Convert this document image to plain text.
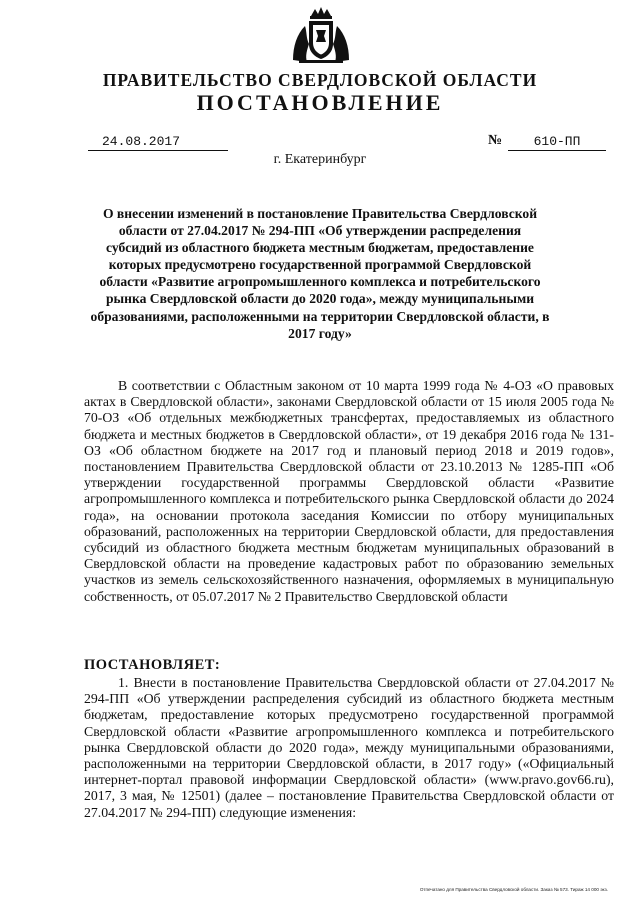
ПРАВИТЕЛЬСТВО СВЕРДЛОВСКОЙ ОБЛАСТИ
ПОСТАНОВЛЕНИЕ
24.08.2017	№	610-ПП
г. Екатеринбург
О внесении изменений в постановление Правительства Свердловской области от 27.04.2017 № 294-ПП «Об утверждении распределения субсидий из областного бюджета местным бюджетам, предоставление которых предусмотрено государственной программой Свердловской области «Развитие агропромышленного комплекса и потребительского рынка Свердловской области до 2020 года», между муниципальными образованиями, расположенными на территории Свердловской области, в 2017 году»
В соответствии с Областным законом от 10 марта 1999 года № 4-ОЗ «О правовых актах в Свердловской области», законами Свердловской области от 15 июля 2005 года № 70-ОЗ «Об отдельных межбюджетных трансфертах, предоставляемых из областного бюджета и местных бюджетов в Свердловской области», от 19 декабря 2016 года № 131-ОЗ «Об областном бюджете на 2017 год и плановый период 2018 и 2019 годов», постановлением Правительства Свердловской области от 23.10.2013 № 1285-ПП «Об утверждении государственной программы Свердловской области «Развитие агропромышленного комплекса и потребительского рынка Свердловской области до 2024 года», на основании протокола заседания Комиссии по отбору муниципальных образований, расположенных на территории Свердловской области, для предоставления субсидий из областного бюджета местным бюджетам муниципальных образований в Свердловской области на проведение кадастровых работ по образованию земельных участков из земель сельскохозяйственного назначения, оформляемых в муниципальную собственность, от 05.07.2017 № 2 Правительство Свердловской области
ПОСТАНОВЛЯЕТ:
1. Внести в постановление Правительства Свердловской области от 27.04.2017 № 294-ПП «Об утверждении распределения субсидий из областного бюджета местным бюджетам, предоставление которых предусмотрено государственной программой Свердловской области «Развитие агропромышленного комплекса и потребительского рынка Свердловской области до 2020 года», между муниципальными образованиями, расположенными на территории Свердловской области, в 2017 году» («Официальный интернет-портал правовой информации Свердловской области» (www.pravo.gov66.ru), 2017, 3 мая, № 12501) (далее – постановление Правительства Свердловской области от 27.04.2017 № 294-ПП) следующие изменения:
Отпечатано для Правительства Свердловской области. Заказ № 573. Тираж 14 000 экз.
